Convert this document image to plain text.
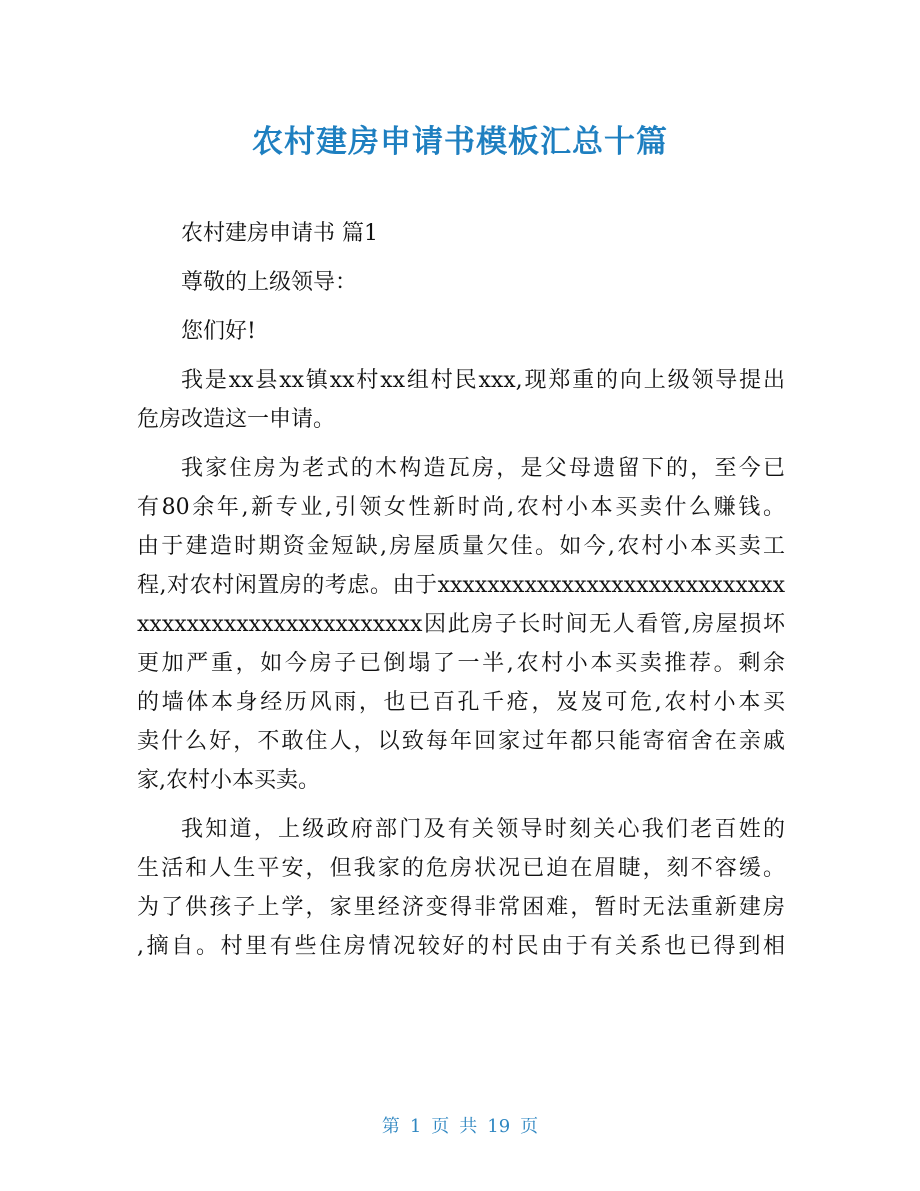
农村建房申请书模板汇总十篇
农村建房申请书 篇1
尊敬的上级领导：
您们好!
我是xx县xx镇xx村xx组村民xxx,现郑重的向上级领导提出
危房改造这一申请。
我家住房为老式的木构造瓦房，是父母遗留下的，至今已
有80余年,新专业,引领女性新时尚,农村小本买卖什么赚钱。
由于建造时期资金短缺,房屋质量欠佳。如今,农村小本买卖工
程,对农村闲置房的考虑。由于xxxxxxxxxxxxxxxxxxxxxxxxxxxx
xxxxxxxxxxxxxxxxxxxxxxx因此房子长时间无人看管,房屋损坏
更加严重，如今房子已倒塌了一半,农村小本买卖推荐。剩余
的墙体本身经历风雨，也已百孔千疮，岌岌可危,农村小本买
卖什么好，不敢住人，以致每年回家过年都只能寄宿舍在亲戚
家,农村小本买卖。
我知道，上级政府部门及有关领导时刻关心我们老百姓的
生活和人生平安，但我家的危房状况已迫在眉睫，刻不容缓。
为了供孩子上学，家里经济变得非常困难，暂时无法重新建房
,摘自。村里有些住房情况较好的村民由于有关系也已得到相
第 1 页 共 19 页
